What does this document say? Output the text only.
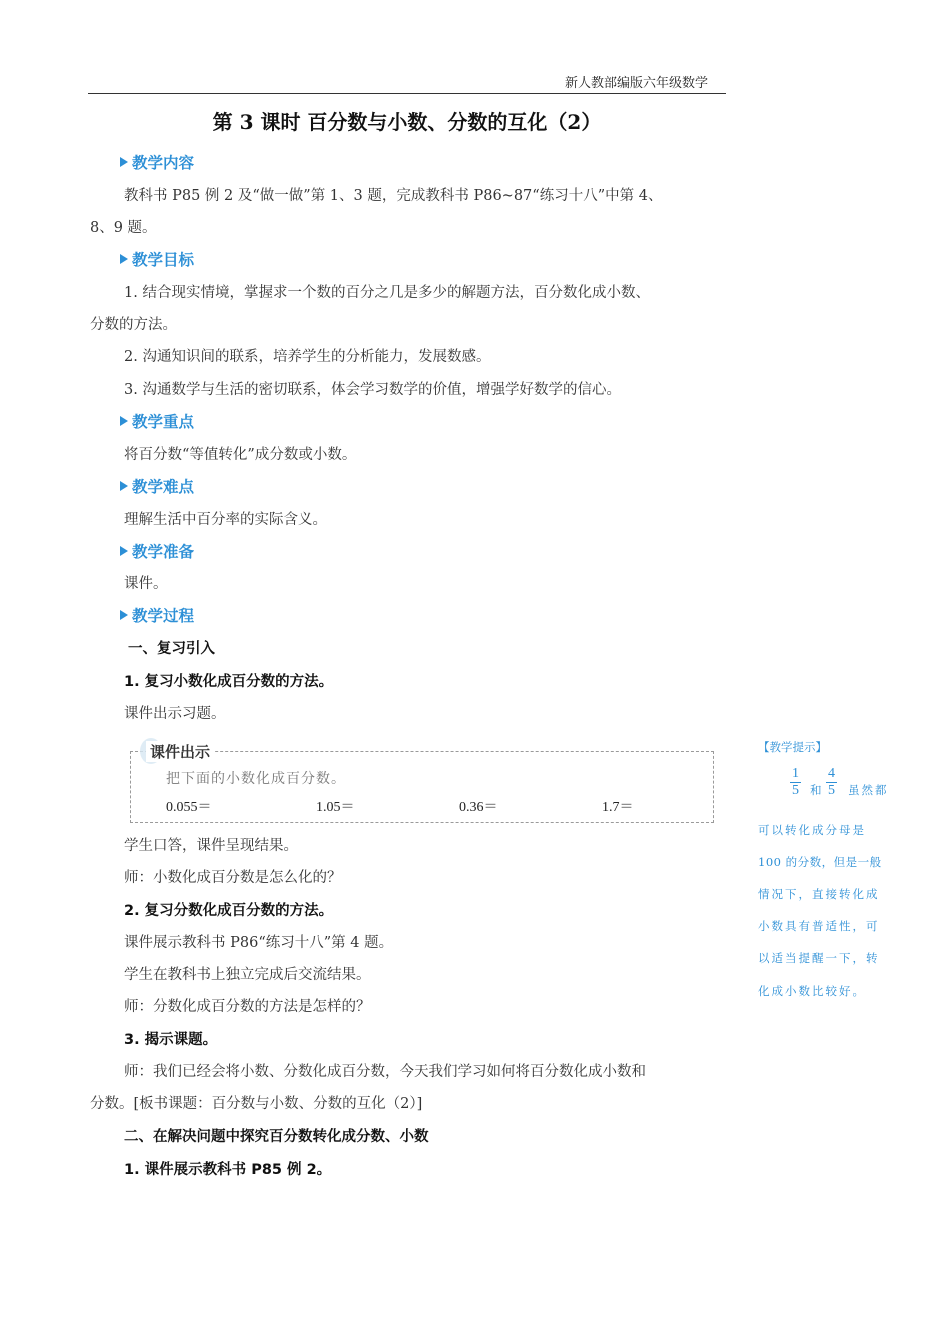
新人教部编版六年级数学
第 3 课时 百分数与小数、分数的互化（2）
教学内容
教科书 P85 例 2 及“做一做”第 1、3 题，完成教科书 P86~87“练习十八”中第 4、
8、9 题。
教学目标
1. 结合现实情境，掌握求一个数的百分之几是多少的解题方法，百分数化成小数、
分数的方法。
2. 沟通知识间的联系，培养学生的分析能力，发展数感。
3. 沟通数学与生活的密切联系，体会学习数学的价值，增强学好数学的信心。
教学重点
将百分数“等值转化”成分数或小数。
教学难点
理解生活中百分率的实际含义。
教学准备
课件。
教学过程
一、复习引入
1. 复习小数化成百分数的方法。
课件出示习题。
课件出示
把下面的小数化成百分数。
0.055＝	1.05＝	0.36＝	1.7＝
学生口答，课件呈现结果。
师：小数化成百分数是怎么化的？
2. 复习分数化成百分数的方法。
课件展示教科书 P86“练习十八”第 4 题。
学生在教科书上独立完成后交流结果。
师：分数化成百分数的方法是怎样的？
3. 揭示课题。
师：我们已经会将小数、分数化成百分数，今天我们学习如何将百分数化成小数和
分数。[板书课题：百分数与小数、分数的互化（2）]
二、在解决问题中探究百分数转化成分数、小数
1. 课件展示教科书 P85 例 2。
【教学提示】
$\frac{1}{5}$ 和 $\frac{4}{5}$ 虽然都
可以转化成分母是
100 的分数，但是一般
情况下，直接转化成
小数具有普适性，可
以适当提醒一下，转
化成小数比较好。
